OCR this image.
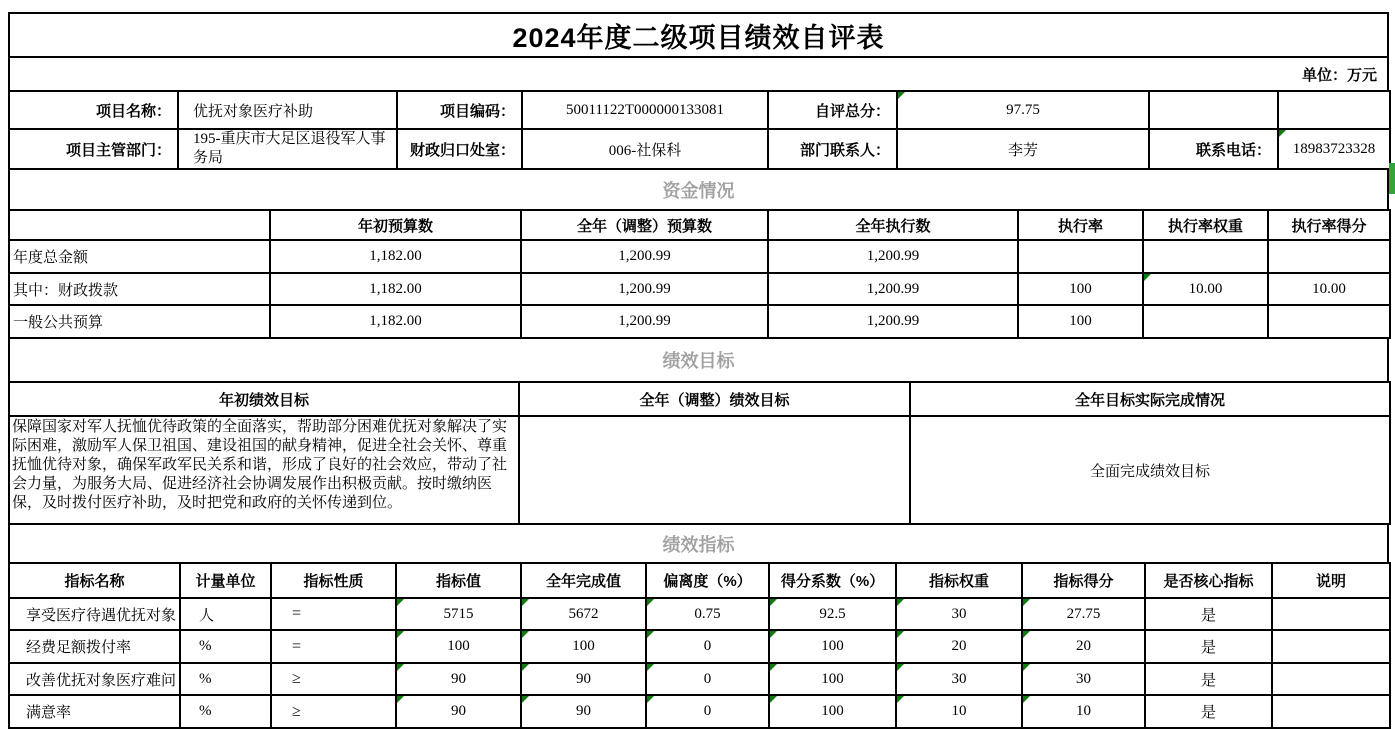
2024年度二级项目绩效自评表
单位：万元
项目名称：	优抚对象医疗补助	项目编码：	50011122T000000133081	自评总分：	97.75		
项目主管部门：	195-重庆市大足区退役军人事务局	财政归口处室：	006-社保科	部门联系人：	李芳	联系电话：	18983723328
资金情况
	年初预算数	全年（调整）预算数	全年执行数	执行率	执行率权重	执行率得分
年度总金额	1,182.00	1,200.99	1,200.99			
其中：财政拨款	1,182.00	1,200.99	1,200.99	100	10.00	10.00
一般公共预算	1,182.00	1,200.99	1,200.99	100		
绩效目标
年初绩效目标	全年（调整）绩效目标	全年目标实际完成情况
保障国家对军人抚恤优待政策的全面落实，帮助部分困难优抚对象解决了实际困难，激励军人保卫祖国、建设祖国的献身精神，促进全社会关怀、尊重抚恤优待对象，确保军政军民关系和谐，形成了良好的社会效应，带动了社会力量，为服务大局、促进经济社会协调发展作出积极贡献。按时缴纳医保，及时拨付医疗补助，及时把党和政府的关怀传递到位。		全面完成绩效目标
绩效指标
指标名称	计量单位	指标性质	指标值	全年完成值	偏离度（%）	得分系数（%）	指标权重	指标得分	是否核心指标	说明
享受医疗待遇优抚对象	人	=	5715	5672	0.75	92.5	30	27.75	是	
经费足额拨付率	%	=	100	100	0	100	20	20	是	
改善优抚对象医疗难问	%	≥	90	90	0	100	30	30	是	
满意率	%	≥	90	90	0	100	10	10	是	
